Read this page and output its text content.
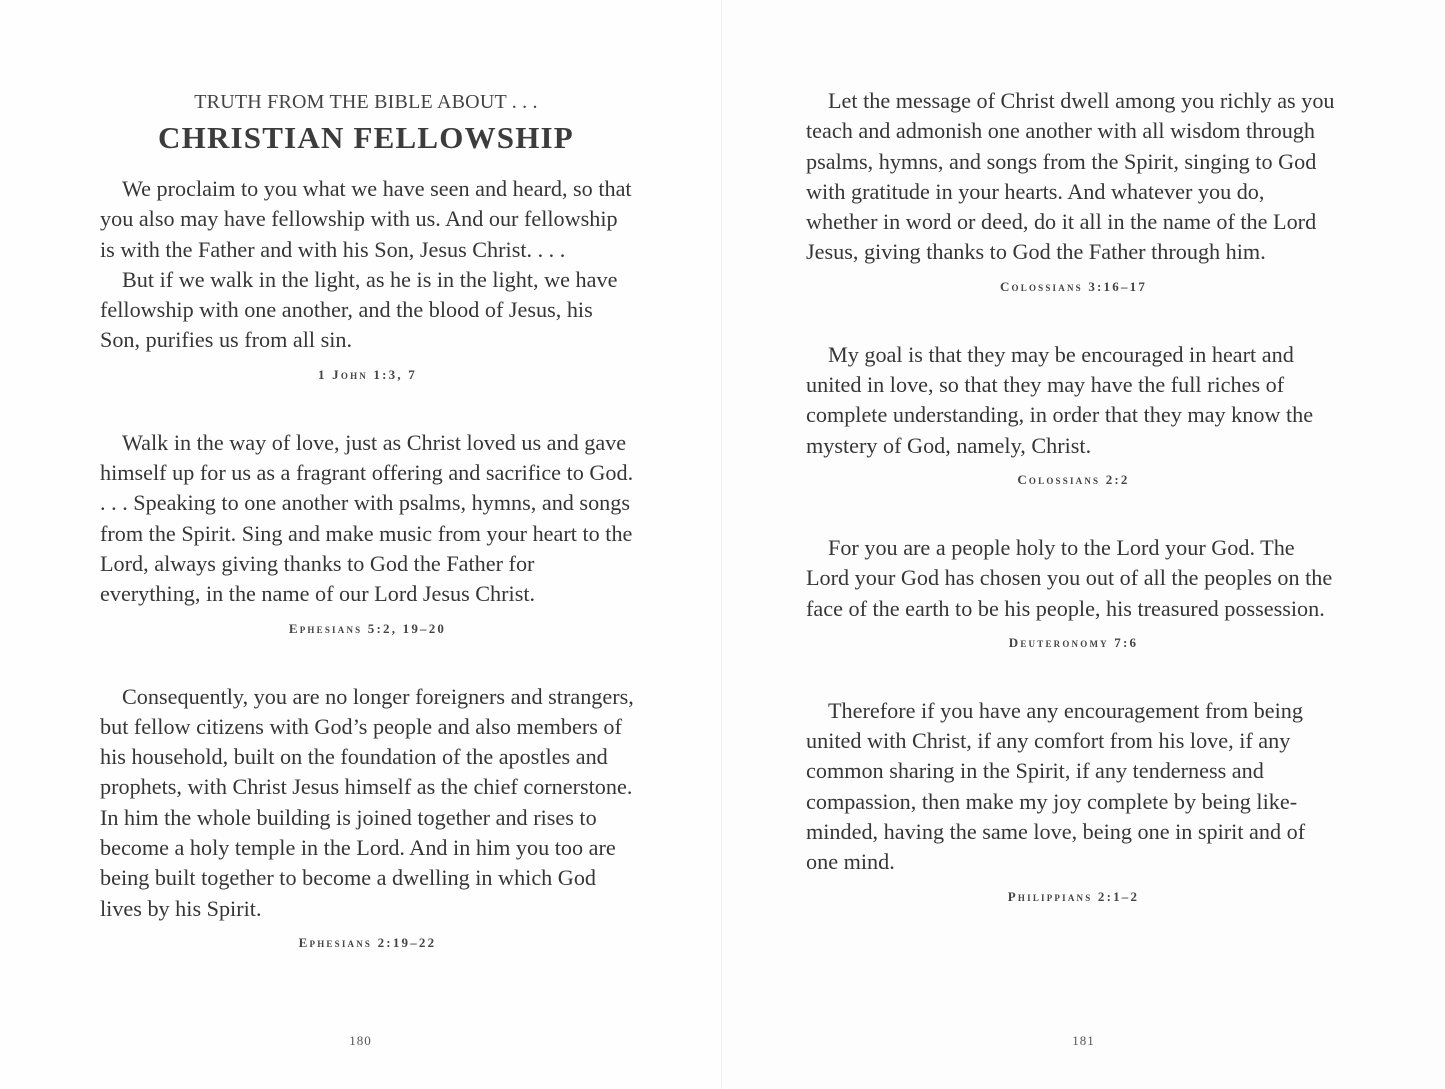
TRUTH FROM THE BIBLE ABOUT . . .
CHRISTIAN FELLOWSHIP

We proclaim to you what we have seen and heard, so that you also may have fellowship with us. And our fellowship is with the Father and with his Son, Jesus Christ. . . .

But if we walk in the light, as he is in the light, we have fellowship with one another, and the blood of Jesus, his Son, purifies us from all sin.

1 John 1:3, 7

Walk in the way of love, just as Christ loved us and gave himself up for us as a fragrant offering and sacrifice to God. . . . Speaking to one another with psalms, hymns, and songs from the Spirit. Sing and make music from your heart to the Lord, always giving thanks to God the Father for everything, in the name of our Lord Jesus Christ.

Ephesians 5:2, 19–20

Consequently, you are no longer foreigners and strangers, but fellow citizens with God’s people and also members of his household, built on the foundation of the apostles and prophets, with Christ Jesus himself as the chief cornerstone. In him the whole building is joined together and rises to become a holy temple in the Lord. And in him you too are being built together to become a dwelling in which God lives by his Spirit.

Ephesians 2:19–22
180

Let the message of Christ dwell among you richly as you teach and admonish one another with all wisdom through psalms, hymns, and songs from the Spirit, singing to God with gratitude in your hearts. And whatever you do, whether in word or deed, do it all in the name of the Lord Jesus, giving thanks to God the Father through him.

Colossians 3:16–17

My goal is that they may be encouraged in heart and united in love, so that they may have the full riches of complete understanding, in order that they may know the mystery of God, namely, Christ.

Colossians 2:2

For you are a people holy to the Lord your God. The Lord your God has chosen you out of all the peoples on the face of the earth to be his people, his treasured possession.

Deuteronomy 7:6

Therefore if you have any encouragement from being united with Christ, if any comfort from his love, if any common sharing in the Spirit, if any tenderness and compassion, then make my joy complete by being like-minded, having the same love, being one in spirit and of one mind.

Philippians 2:1–2
181
